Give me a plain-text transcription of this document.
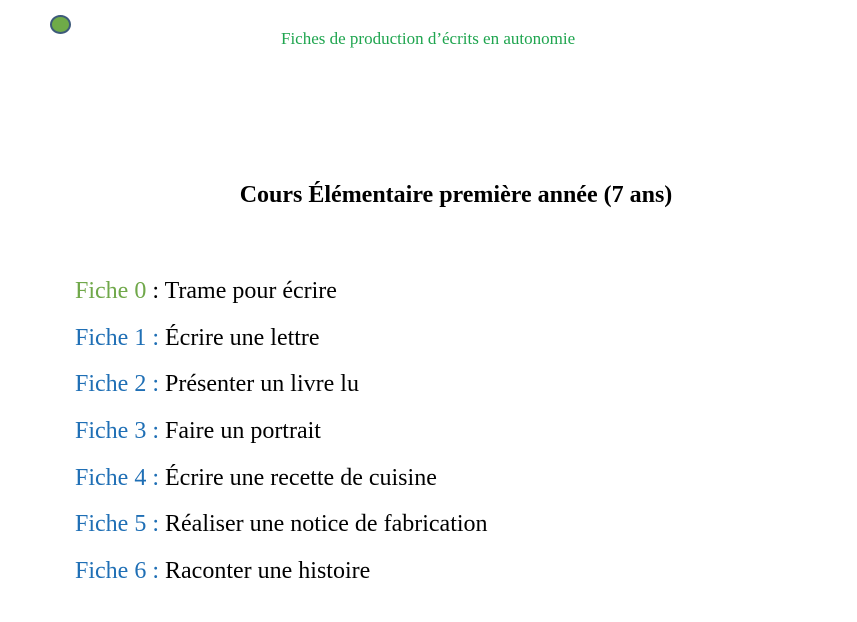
Fiches de production d’écrits en autonomie
Cours Élémentaire première année (7 ans)
Fiche 0 : Trame pour écrire
Fiche 1 : Écrire une lettre
Fiche 2 : Présenter un livre lu
Fiche 3 : Faire un portrait
Fiche 4 : Écrire une recette de cuisine
Fiche 5 : Réaliser une notice de fabrication
Fiche 6 : Raconter une histoire
